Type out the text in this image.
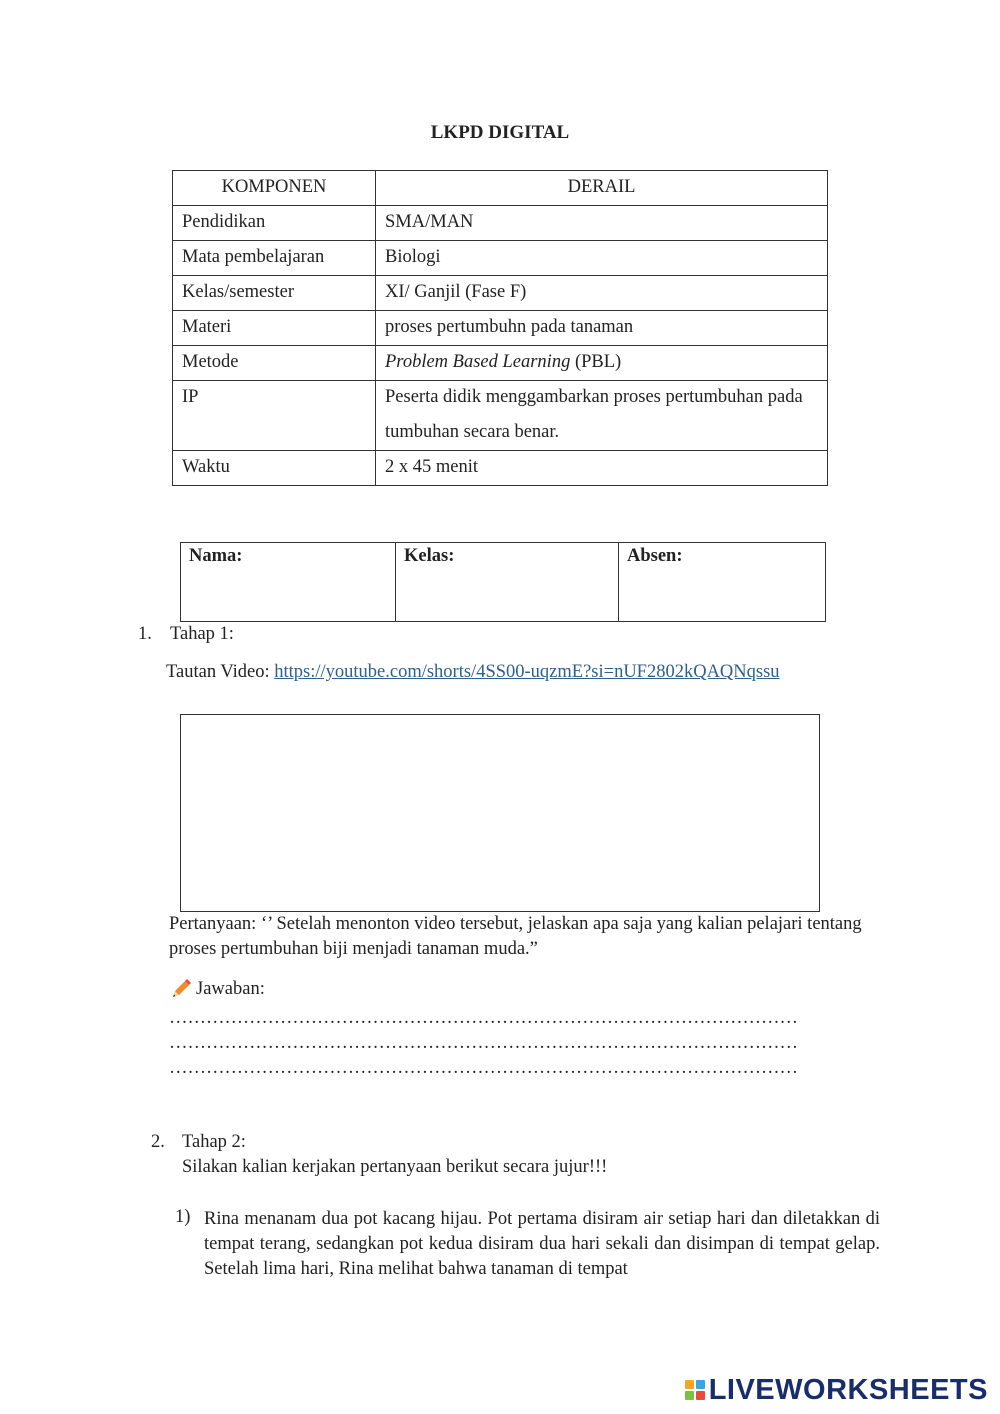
LKPD DIGITAL
KOMPONEN	DERAIL
Pendidikan	SMA/MAN
Mata pembelajaran	Biologi
Kelas/semester	XI/ Ganjil (Fase F)
Materi	proses pertumbuhn pada tanaman
Metode	Problem Based Learning (PBL)
IP	Peserta didik menggambarkan proses pertumbuhan pada tumbuhan secara benar.

Waktu	2 x 45 menit
Nama:	Kelas:	Absen:
1. Tahap 1:
Tautan Video: https://youtube.com/shorts/4SS00-uqzmE?si=nUF2802kQAQNqssu
Pertanyaan: ‘’ Setelah menonton video tersebut, jelaskan apa saja yang kalian pelajari tentang proses pertumbuhan biji menjadi tanaman muda.”
Jawaban:
…………………………………………………………………………………………
…………………………………………………………………………………………
…………………………………………………………………………………………
2. Tahap 2:
Silakan kalian kerjakan pertanyaan berikut secara jujur!!!
1) Rina menanam dua pot kacang hijau. Pot pertama disiram air setiap hari dan diletakkan di tempat terang, sedangkan pot kedua disiram dua hari sekali dan disimpan di tempat gelap. Setelah lima hari, Rina melihat bahwa tanaman di tempat
LIVEWORKSHEETS
